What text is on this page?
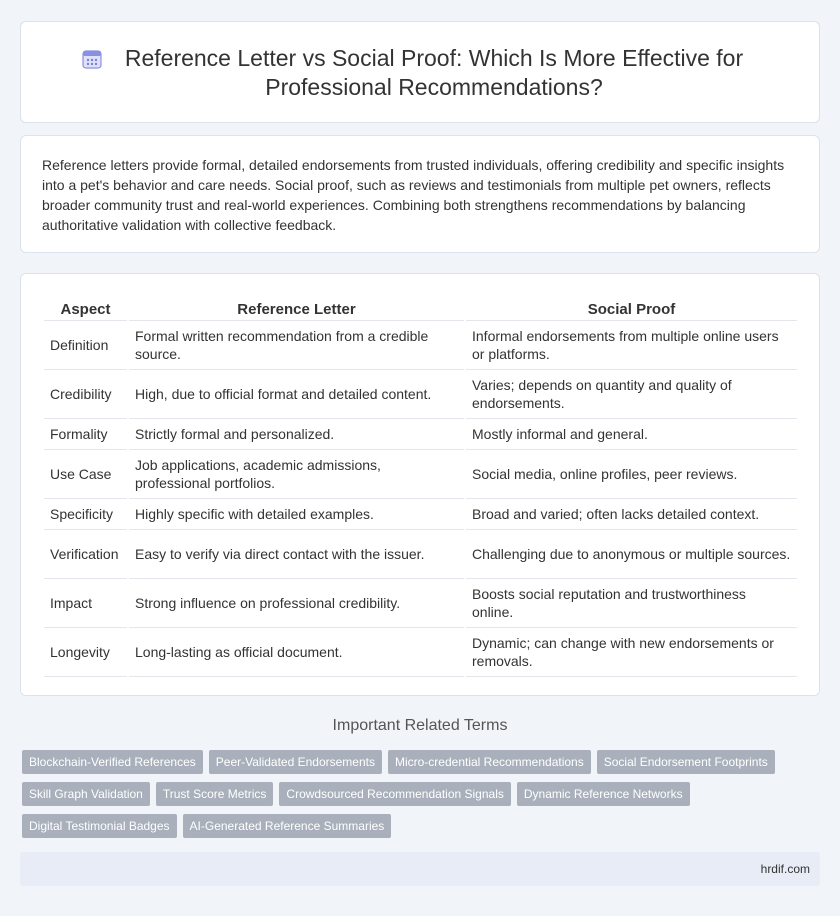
Reference Letter vs Social Proof: Which Is More Effective for Professional Recommendations?

Reference letters provide formal, detailed endorsements from trusted individuals, offering credibility and specific insights into a pet's behavior and care needs. Social proof, such as reviews and testimonials from multiple pet owners, reflects broader community trust and real-world experiences. Combining both strengthens recommendations by balancing authoritative validation with collective feedback.

Aspect	Reference Letter	Social Proof
Definition	Formal written recommendation from a credible source.	Informal endorsements from multiple online users or platforms.
Credibility	High, due to official format and detailed content.	Varies; depends on quantity and quality of endorsements.
Formality	Strictly formal and personalized.	Mostly informal and general.
Use Case	Job applications, academic admissions, professional portfolios.	Social media, online profiles, peer reviews.
Specificity	Highly specific with detailed examples.	Broad and varied; often lacks detailed context.
Verification	Easy to verify via direct contact with the issuer.	Challenging due to anonymous or multiple sources.
Impact	Strong influence on professional credibility.	Boosts social reputation and trustworthiness online.
Longevity	Long-lasting as official document.	Dynamic; can change with new endorsements or removals.
Important Related Terms
Blockchain-Verified References Peer-Validated Endorsements Micro-credential Recommendations Social Endorsement Footprints
Skill Graph Validation Trust Score Metrics Crowdsourced Recommendation Signals Dynamic Reference Networks
Digital Testimonial Badges AI-Generated Reference Summaries
hrdif.com
